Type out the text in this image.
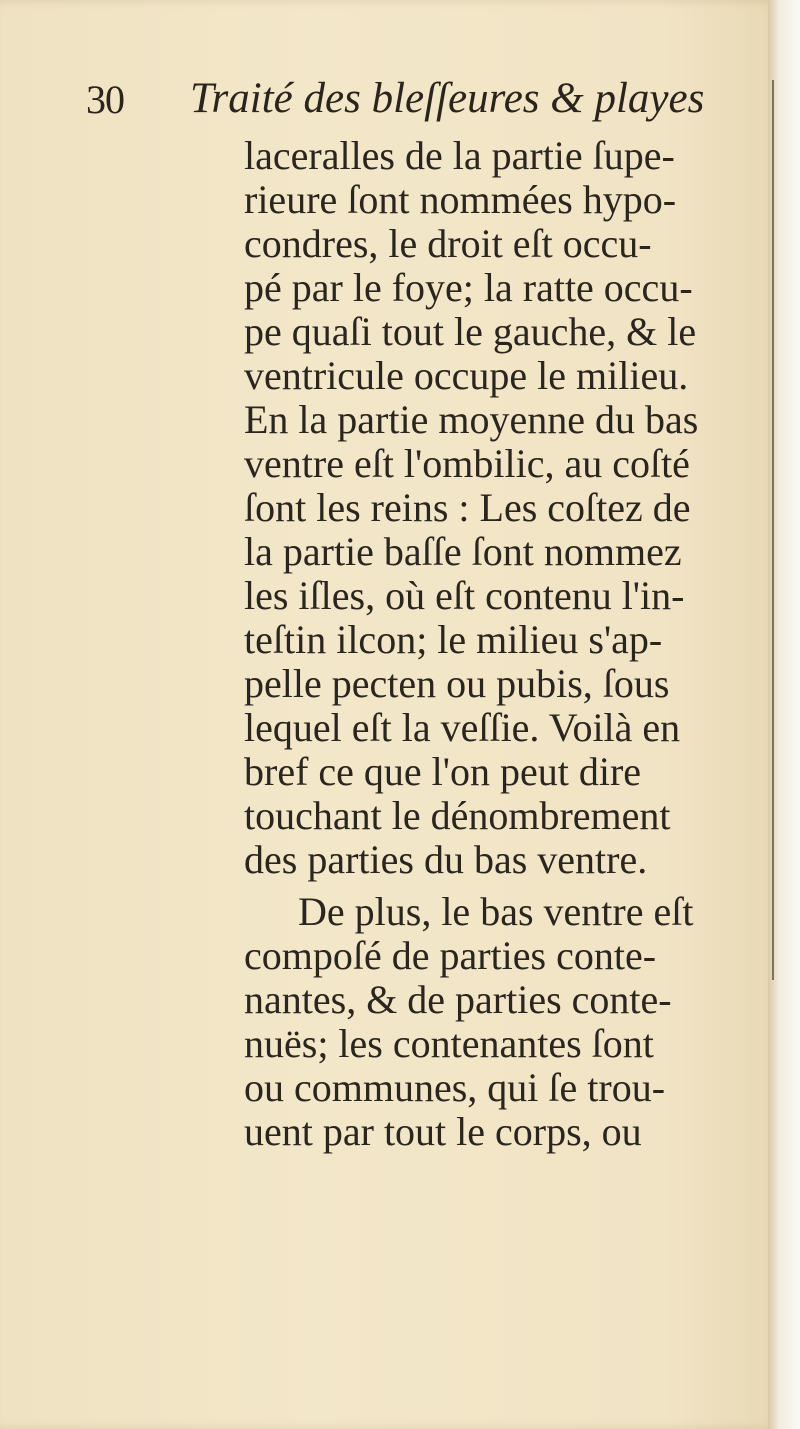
30 Traité des bleſſeures & playes
laceralles de la partie ſupe-
rieure ſont nommées hypo-
condres, le droit eſt occu-
pé par le foye; la ratte occu-
pe quaſi tout le gauche, & le
ventricule occupe le milieu.
En la partie moyenne du bas
ventre eſt l'ombilic, au coſté
ſont les reins : Les coſtez de
la partie baſſe ſont nommez
les iſles, où eſt contenu l'in-
teſtin ilcon; le milieu s'ap-
pelle pecten ou pubis, ſous
lequel eſt la veſſie. Voilà en
bref ce que l'on peut dire
touchant le dénombrement
des parties du bas ventre.
De plus, le bas ventre eſt
compoſé de parties conte-
nantes, & de parties conte-
nuës; les contenantes ſont
ou communes, qui ſe trou-
uent par tout le corps, ou
